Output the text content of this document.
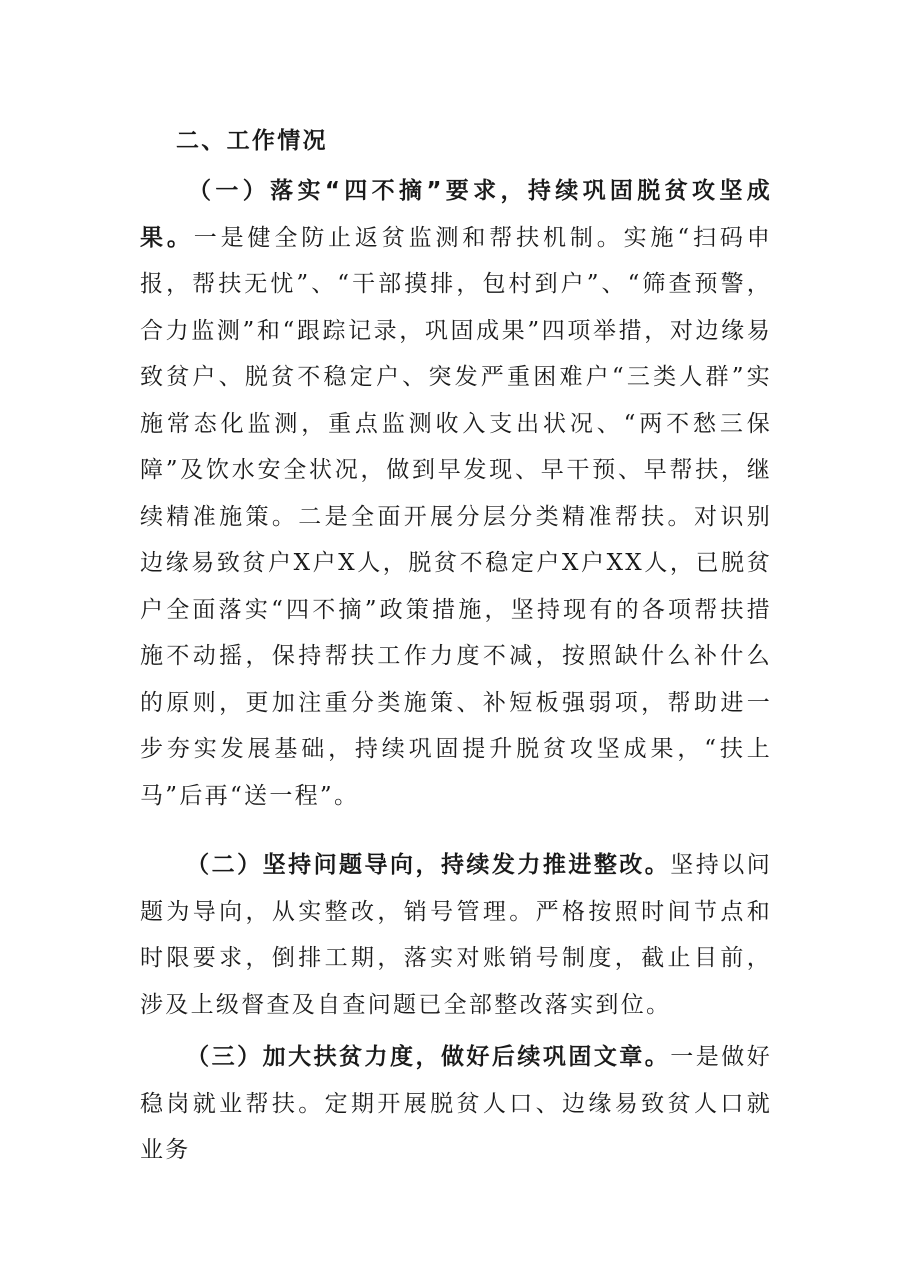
二、工作情况

（一）落实“四不摘”要求，持续巩固脱贫攻坚成果。一是健全防止返贫监测和帮扶机制。实施“扫码申报，帮扶无忧”、“干部摸排，包村到户”、“筛查预警，合力监测”和“跟踪记录，巩固成果”四项举措，对边缘易致贫户、脱贫不稳定户、突发严重困难户“三类人群”实施常态化监测，重点监测收入支出状况、“两不愁三保障”及饮水安全状况，做到早发现、早干预、早帮扶，继续精准施策。二是全面开展分层分类精准帮扶。对识别边缘易致贫户X户X人，脱贫不稳定户X户XX人，已脱贫户全面落实“四不摘”政策措施，坚持现有的各项帮扶措施不动摇，保持帮扶工作力度不减，按照缺什么补什么的原则，更加注重分类施策、补短板强弱项，帮助进一步夯实发展基础，持续巩固提升脱贫攻坚成果，“扶上马”后再“送一程”。

（二）坚持问题导向，持续发力推进整改。坚持以问题为导向，从实整改，销号管理。严格按照时间节点和时限要求，倒排工期，落实对账销号制度，截止目前，涉及上级督查及自查问题已全部整改落实到位。

（三）加大扶贫力度，做好后续巩固文章。一是做好稳岗就业帮扶。定期开展脱贫人口、边缘易致贫人口就业务
